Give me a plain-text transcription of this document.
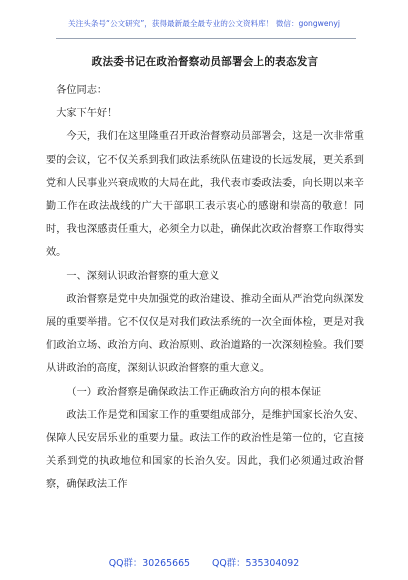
关注头条号“公文研究”，获得最新最全最专业的公文资料库！ 微信：gongwenyj
政法委书记在政治督察动员部署会上的表态发言

各位同志：

大家下午好！

今天，我们在这里隆重召开政治督察动员部署会，这是一次非常重要的会议，它不仅关系到我们政法系统队伍建设的长远发展，更关系到党和人民事业兴衰成败的大局在此，我代表市委政法委，向长期以来辛勤工作在政法战线的广大干部职工表示衷心的感谢和崇高的敬意！同时，我也深感责任重大，必须全力以赴，确保此次政治督察工作取得实效。

一、深刻认识政治督察的重大意义

政治督察是党中央加强党的政治建设、推动全面从严治党向纵深发展的重要举措。它不仅仅是对我们政法系统的一次全面体检，更是对我们政治立场、政治方向、政治原则、政治道路的一次深刻检验。我们要从讲政治的高度，深刻认识政治督察的重大意义。

（一）政治督察是确保政法工作正确政治方向的根本保证

政法工作是党和国家工作的重要组成部分，是维护国家长治久安、保障人民安居乐业的重要力量。政法工作的政治性是第一位的，它直接关系到党的执政地位和国家的长治久安。因此，我们必须通过政治督察，确保政法工作

QQ群：30265665 QQ群：535304092
